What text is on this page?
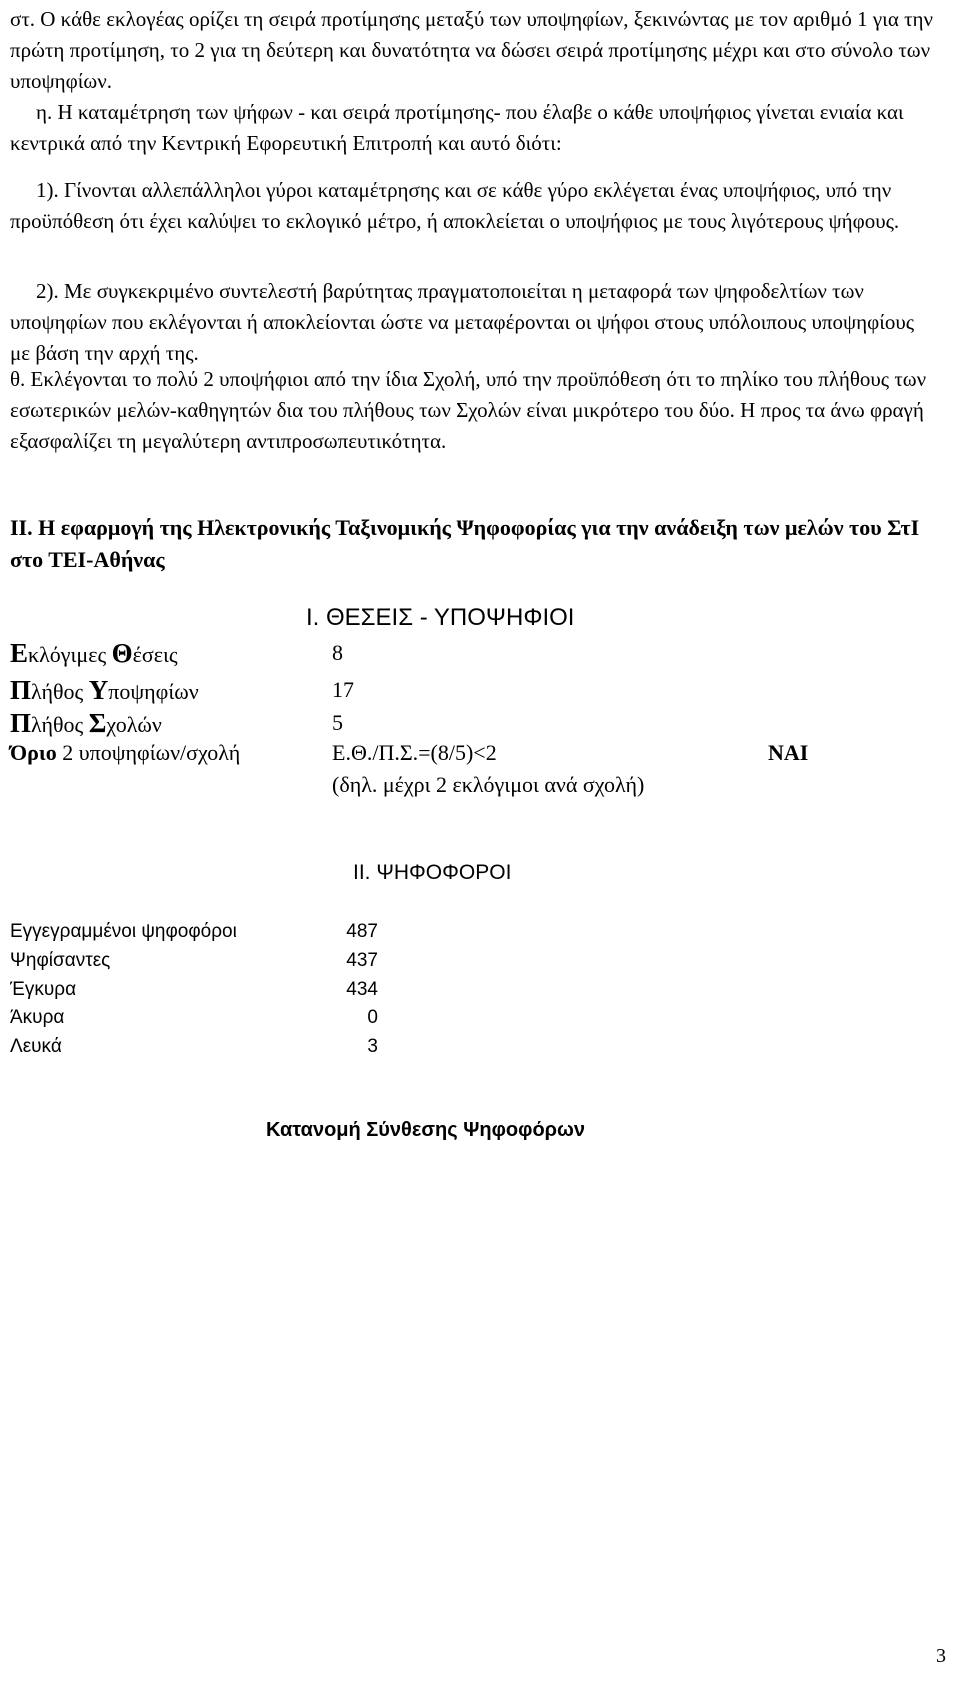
στ. Ο κάθε εκλογέας ορίζει τη σειρά προτίμησης μεταξύ των υποψηφίων, ξεκινώντας με τον αριθμό 1 για την πρώτη προτίμηση, το 2 για τη δεύτερη και δυνατότητα να δώσει σειρά προτίμησης μέχρι και στο σύνολο των υποψηφίων.

η. Η καταμέτρηση των ψήφων - και σειρά προτίμησης- που έλαβε ο κάθε υποψήφιος γίνεται ενιαία και κεντρικά από την Κεντρική Εφορευτική Επιτροπή και αυτό διότι:

1). Γίνονται αλλεπάλληλοι γύροι καταμέτρησης και σε κάθε γύρο εκλέγεται ένας υποψήφιος, υπό την προϋπόθεση ότι έχει καλύψει το εκλογικό μέτρο, ή αποκλείεται ο υποψήφιος με τους λιγότερους ψήφους.

2). Με συγκεκριμένο συντελεστή βαρύτητας πραγματοποιείται η μεταφορά των ψηφοδελτίων των υποψηφίων που εκλέγονται ή αποκλείονται ώστε να μεταφέρονται οι ψήφοι στους υπόλοιπους υποψηφίους με βάση την αρχή της.

θ. Εκλέγονται το πολύ 2 υποψήφιοι από την ίδια Σχολή, υπό την προϋπόθεση ότι το πηλίκο του πλήθους των εσωτερικών μελών-καθηγητών δια του πλήθους των Σχολών είναι μικρότερο του δύο. Η προς τα άνω φραγή εξασφαλίζει τη μεγαλύτερη αντιπροσωπευτικότητα.

ΙΙ. Η εφαρμογή της Ηλεκτρονικής Ταξινομικής Ψηφοφορίας για την ανάδειξη των μελών του ΣτΙ στο ΤΕΙ-Αθήνας

Ι. ΘΕΣΕΙΣ - ΥΠΟΨΗΦΙΟΙ

Εκλόγιμες Θέσεις	8
Πλήθος Υποψηφίων	17
Πλήθος Σχολών	5
Όριο 2 υποψηφίων/σχολή	Ε.Θ./Π.Σ.=(8/5)<2	ΝΑΙ
(δηλ. μέχρι 2 εκλόγιμοι ανά σχολή)

ΙΙ. ΨΗΦΟΦΟΡΟΙ

Εγγεγραμμένοι ψηφοφόροι	487
Ψηφίσαντες	437
Έγκυρα	434
Άκυρα	0
Λευκά	3

Κατανομή Σύνθεσης Ψηφοφόρων

3
